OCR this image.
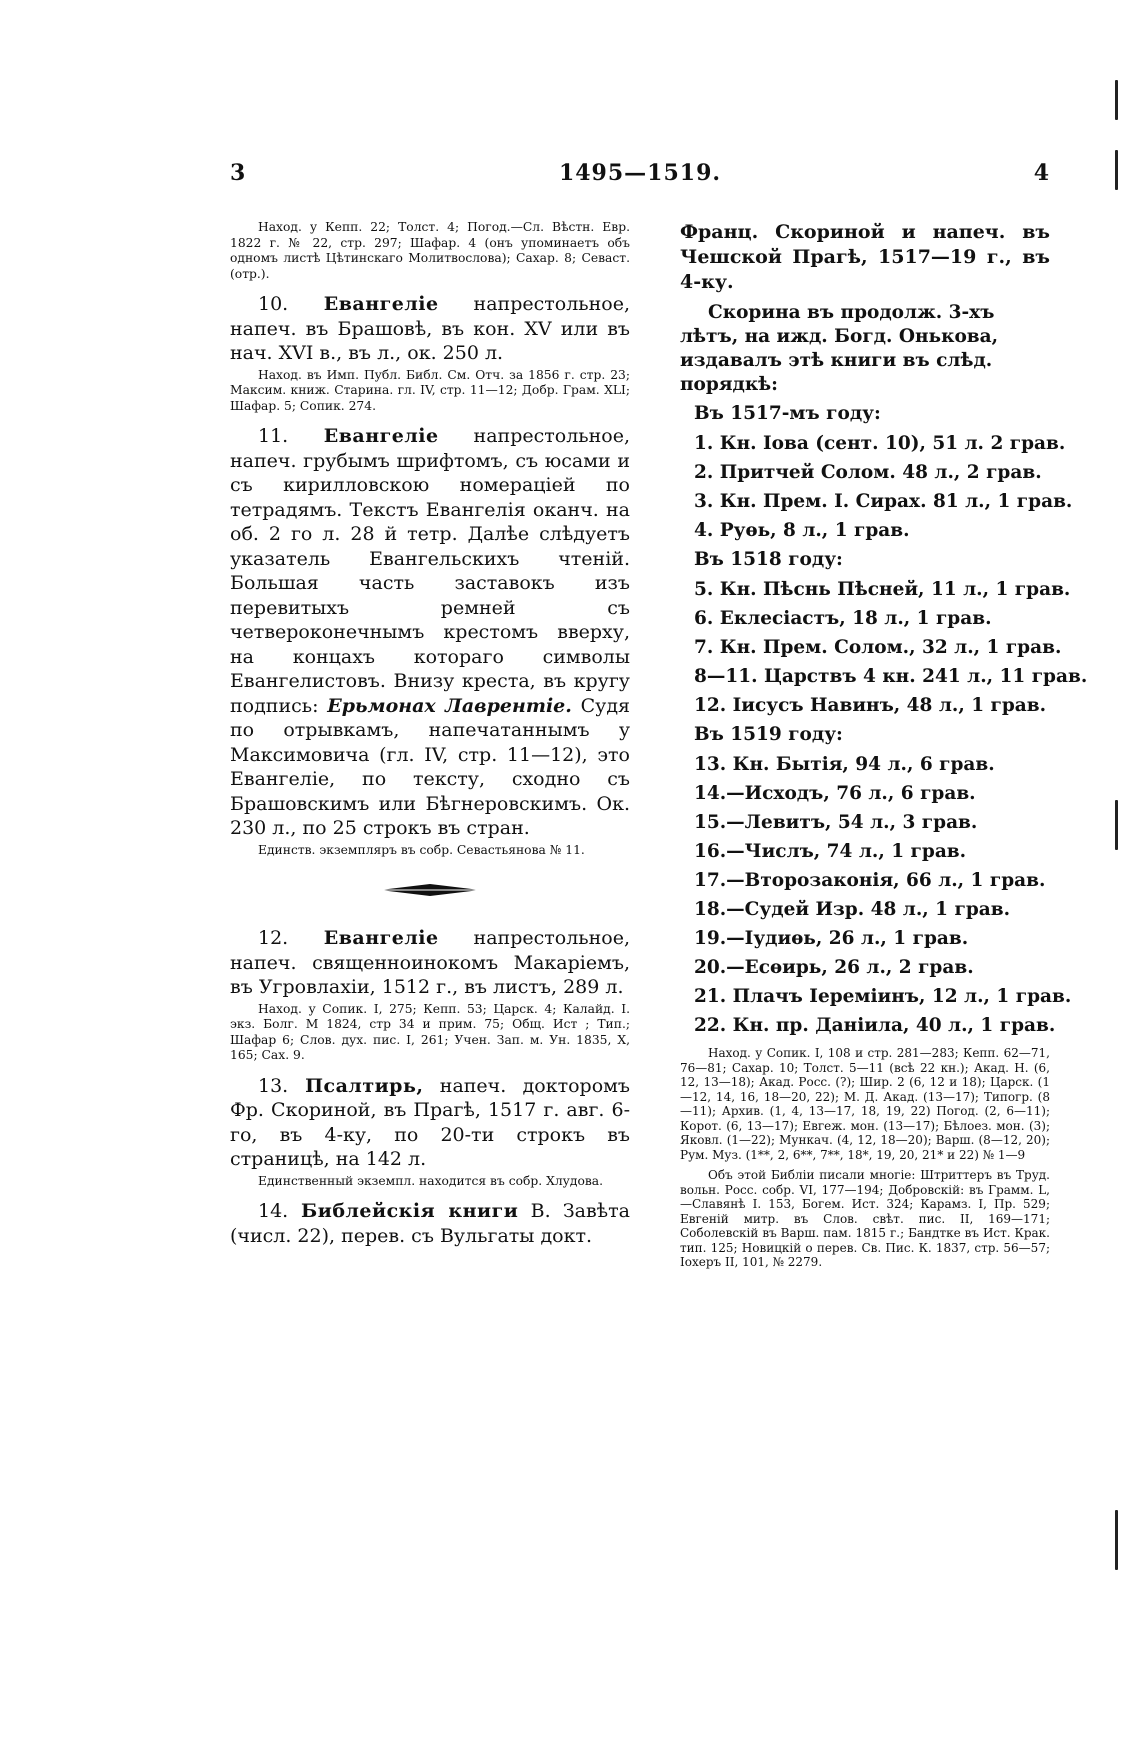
3	1495—1519.	4

Наход. у Кепп. 22; Толст. 4; Погод.—Сл. Вѣстн. Евр. 1822 г. № 22, стр. 297; Шафар. 4 (онъ упоминаетъ объ одномъ листѣ Цѣтинскаго Молитвослова); Сахар. 8; Севаст. (отр.).

10. Евангеліе напрестольное, напеч. въ Брашовѣ, въ кон. XV или въ нач. XVI в., въ л., ок. 250 л.

Наход. въ Имп. Публ. Библ. См. Отч. за 1856 г. стр. 23; Максим. книж. Старина. гл. IV, стр. 11—12; Добр. Грам. XLI; Шафар. 5; Сопик. 274.

11. Евангеліе напрестольное, напеч. грубымъ шрифтомъ, съ юсами и съ кирилловскою номераціей по тетрадямъ. Текстъ Евангелія оканч. на об. 2 го л. 28 й тетр. Далѣе слѣдуетъ указатель Евангельскихъ чтеній. Большая часть заставокъ изъ перевитыхъ ремней съ четвероконечнымъ крестомъ вверху, на концахъ котораго символы Евангелистовъ. Внизу креста, въ кругу подпись: Ерьмонах Лаврентіе. Судя по отрывкамъ, напечатаннымъ у Максимовича (гл. IV, стр. 11—12), это Евангеліе, по тексту, сходно съ Брашовскимъ или Бѣгнеровскимъ. Ок. 230 л., по 25 строкъ въ стран.

Единств. экземпляръ въ собр. Севастьянова № 11.

12. Евангеліе напрестольное, напеч. священноинокомъ Макаріемъ, въ Угровлахіи, 1512 г., въ листъ, 289 л.

Наход. у Сопик. I, 275; Кепп. 53; Царск. 4; Калайд. I. экз. Болг. М 1824, стр 34 и прим. 75; Общ. Ист ; Тип.; Шафар 6; Слов. дух. пис. I, 261; Учен. Зап. м. Ун. 1835, X, 165; Сах. 9.

13. Псалтирь, напеч. докторомъ Фр. Скориной, въ Прагѣ, 1517 г. авг. 6-го, въ 4-ку, по 20-ти строкъ въ страницѣ, на 142 л.

Единственный экземпл. находится въ собр. Хлудова.

14. Библейскія книги В. Завѣта (числ. 22), перев. съ Вульгаты докт.

Франц. Скориной и напеч. въ Чешской Прагѣ, 1517—19 г., въ 4-ку.

Скорина въ продолж. 3-хъ лѣтъ, на ижд. Богд. Онькова, издавалъ этѣ книги въ слѣд. порядкѣ:

Въ 1517-мъ году:
1. Кн. Іова (сент. 10), 51 л. 2 грав.
2. Притчей Солом. 48 л., 2 грав.
3. Кн. Прем. І. Сирах. 81 л., 1 грав.
4. Руѳь, 8 л., 1 грав.
Въ 1518 году:
5. Кн. Пѣснь Пѣсней, 11 л., 1 грав.
6. Еклесіастъ, 18 л., 1 грав.
7. Кн. Прем. Солом., 32 л., 1 грав.
8—11. Царствъ 4 кн. 241 л., 11 грав.
12. Іисусъ Навинъ, 48 л., 1 грав.
Въ 1519 году:
13. Кн. Бытія, 94 л., 6 грав.
14.—Исходъ, 76 л., 6 грав.
15.—Левитъ, 54 л., 3 грав.
16.—Числъ, 74 л., 1 грав.
17.—Второзаконія, 66 л., 1 грав.
18.—Судей Изр. 48 л., 1 грав.
19.—Іудиѳь, 26 л., 1 грав.
20.—Есѳирь, 26 л., 2 грав.
21. Плачъ Іереміинъ, 12 л., 1 грав.
22. Кн. пр. Даніила, 40 л., 1 грав.

Наход. у Сопик. I, 108 и стр. 281—283; Кепп. 62—71, 76—81; Сахар. 10; Толст. 5—11 (всѣ 22 кн.); Акад. Н. (6, 12, 13—18); Акад. Росс. (?); Шир. 2 (6, 12 и 18); Царск. (1—12, 14, 16, 18—20, 22); М. Д. Акад. (13—17); Типогр. (8—11); Архив. (1, 4, 13—17, 18, 19, 22) Погод. (2, 6—11); Корот. (6, 13—17); Евгеж. мон. (13—17); Бѣлоез. мон. (3); Яковл. (1—22); Мункач. (4, 12, 18—20); Варш. (8—12, 20); Рум. Муз. (1**, 2, 6**, 7**, 18*, 19, 20, 21* и 22) № 1—9

Объ этой Библіи писали многіе: Штриттеръ въ Труд. вольн. Росс. собр. VI, 177—194; Добровскій: въ Грамм. L,—Славянѣ I. 153, Богем. Ист. 324; Карамз. I, Пр. 529; Евгеній митр. въ Слов. свѣт. пис. II, 169—171; Соболевскій въ Варш. пам. 1815 г.; Бандтке въ Ист. Крак. тип. 125; Новицкій о перев. Св. Пис. К. 1837, стр. 56—57; Іохеръ II, 101, № 2279.
